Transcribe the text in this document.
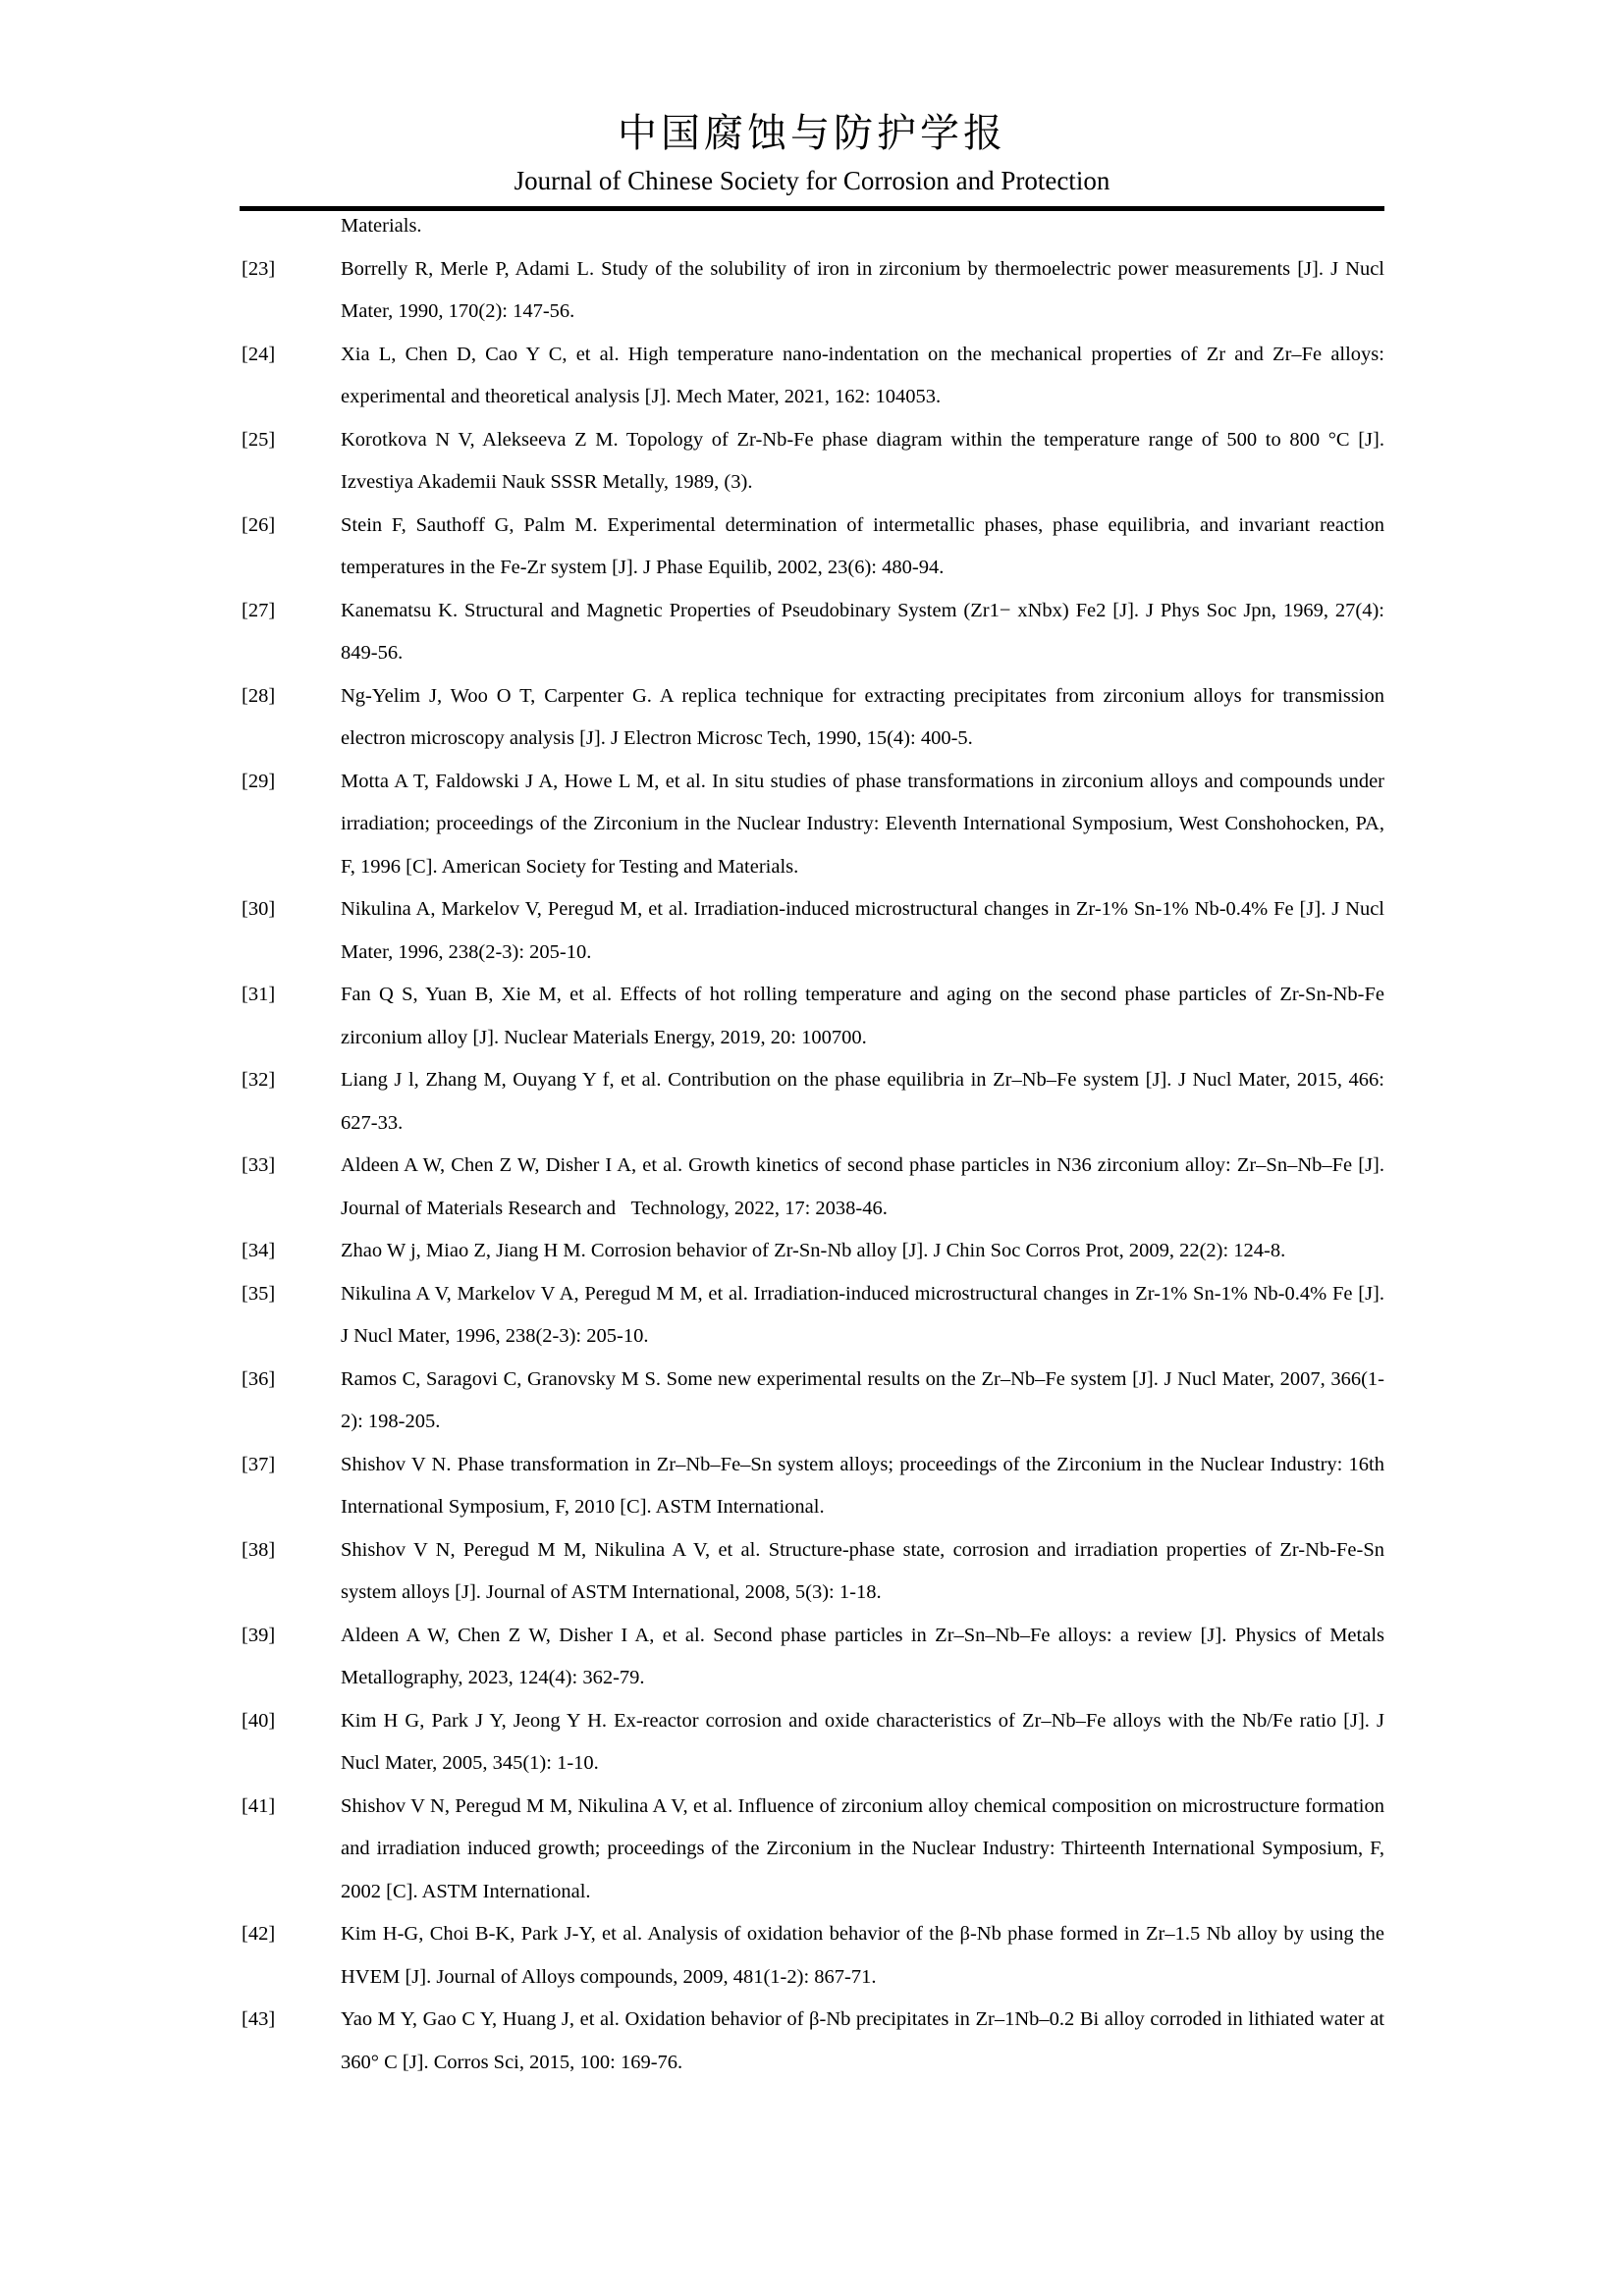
中国腐蚀与防护学报
Journal of Chinese Society for Corrosion and Protection
Materials.
[23]	Borrelly R, Merle P, Adami L. Study of the solubility of iron in zirconium by thermoelectric power measurements [J]. J Nucl Mater, 1990, 170(2): 147-56.
[24]	Xia L, Chen D, Cao Y C, et al. High temperature nano-indentation on the mechanical properties of Zr and Zr–Fe alloys: experimental and theoretical analysis [J]. Mech Mater, 2021, 162: 104053.
[25]	Korotkova N V, Alekseeva Z M. Topology of Zr-Nb-Fe phase diagram within the temperature range of 500 to 800 °C [J]. Izvestiya Akademii Nauk SSSR Metally, 1989, (3).
[26]	Stein F, Sauthoff G, Palm M. Experimental determination of intermetallic phases, phase equilibria, and invariant reaction temperatures in the Fe-Zr system [J]. J Phase Equilib, 2002, 23(6): 480-94.
[27]	Kanematsu K. Structural and Magnetic Properties of Pseudobinary System (Zr1− xNbx) Fe2 [J]. J Phys Soc Jpn, 1969, 27(4): 849-56.
[28]	Ng-Yelim J, Woo O T, Carpenter G. A replica technique for extracting precipitates from zirconium alloys for transmission electron microscopy analysis [J]. J Electron Microsc Tech, 1990, 15(4): 400-5.
[29]	Motta A T, Faldowski J A, Howe L M, et al. In situ studies of phase transformations in zirconium alloys and compounds under irradiation; proceedings of the Zirconium in the Nuclear Industry: Eleventh International Symposium, West Conshohocken, PA, F, 1996 [C]. American Society for Testing and Materials.
[30]	Nikulina A, Markelov V, Peregud M, et al. Irradiation-induced microstructural changes in Zr-1% Sn-1% Nb-0.4% Fe [J]. J Nucl Mater, 1996, 238(2-3): 205-10.
[31]	Fan Q S, Yuan B, Xie M, et al. Effects of hot rolling temperature and aging on the second phase particles of Zr-Sn-Nb-Fe zirconium alloy [J]. Nuclear Materials Energy, 2019, 20: 100700.
[32]	Liang J l, Zhang M, Ouyang Y f, et al. Contribution on the phase equilibria in Zr–Nb–Fe system [J]. J Nucl Mater, 2015, 466: 627-33.
[33]	Aldeen A W, Chen Z W, Disher I A, et al. Growth kinetics of second phase particles in N36 zirconium alloy: Zr–Sn–Nb–Fe [J]. Journal of Materials Research and   Technology, 2022, 17: 2038-46.
[34]	Zhao W j, Miao Z, Jiang H M. Corrosion behavior of Zr-Sn-Nb alloy [J]. J Chin Soc Corros Prot, 2009, 22(2): 124-8.
[35]	Nikulina A V, Markelov V A, Peregud M M, et al. Irradiation-induced microstructural changes in Zr-1% Sn-1% Nb-0.4% Fe [J]. J Nucl Mater, 1996, 238(2-3): 205-10.
[36]	Ramos C, Saragovi C, Granovsky M S. Some new experimental results on the Zr–Nb–Fe system [J]. J Nucl Mater, 2007, 366(1-2): 198-205.
[37]	Shishov V N. Phase transformation in Zr–Nb–Fe–Sn system alloys; proceedings of the Zirconium in the Nuclear Industry: 16th International Symposium, F, 2010 [C]. ASTM International.
[38]	Shishov V N, Peregud M M, Nikulina A V, et al. Structure-phase state, corrosion and irradiation properties of Zr-Nb-Fe-Sn system alloys [J]. Journal of ASTM International, 2008, 5(3): 1-18.
[39]	Aldeen A W, Chen Z W, Disher I A, et al. Second phase particles in Zr–Sn–Nb–Fe alloys: a review [J]. Physics of Metals Metallography, 2023, 124(4): 362-79.
[40]	Kim H G, Park J Y, Jeong Y H. Ex-reactor corrosion and oxide characteristics of Zr–Nb–Fe alloys with the Nb/Fe ratio [J]. J Nucl Mater, 2005, 345(1): 1-10.
[41]	Shishov V N, Peregud M M, Nikulina A V, et al. Influence of zirconium alloy chemical composition on microstructure formation and irradiation induced growth; proceedings of the Zirconium in the Nuclear Industry: Thirteenth International Symposium, F, 2002 [C]. ASTM International.
[42]	Kim H-G, Choi B-K, Park J-Y, et al. Analysis of oxidation behavior of the β-Nb phase formed in Zr–1.5 Nb alloy by using the HVEM [J]. Journal of Alloys compounds, 2009, 481(1-2): 867-71.
[43]	Yao M Y, Gao C Y, Huang J, et al. Oxidation behavior of β-Nb precipitates in Zr–1Nb–0.2 Bi alloy corroded in lithiated water at 360° C [J]. Corros Sci, 2015, 100: 169-76.
